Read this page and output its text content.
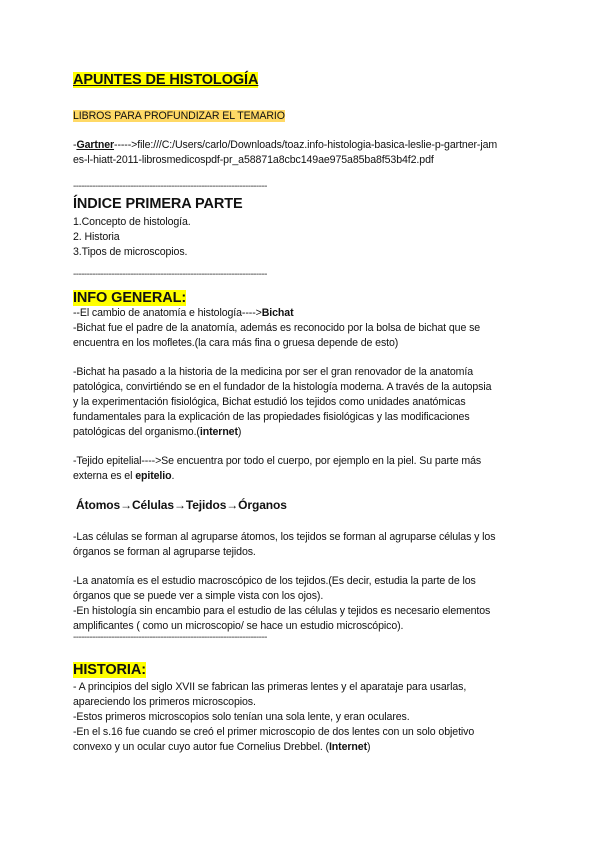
APUNTES DE HISTOLOGÍA
LIBROS PARA PROFUNDIZAR EL TEMARIO
-Gartner----->file:///C:/Users/carlo/Downloads/toaz.info-histologia-basica-leslie-p-gartner-jam
es-l-hiatt-2011-librosmedicospdf-pr_a58871a8cbc149ae975a85ba8f53b4f2.pdf
-----------------------------------------------------------------------
ÍNDICE PRIMERA PARTE
1.Concepto de histología.
2. Historia
3.Tipos de microscopios.
-----------------------------------------------------------------------
INFO GENERAL:
--El cambio de anatomía e histología---->Bichat
-Bichat fue el padre de la anatomía, además es reconocido por la bolsa de bichat que se
encuentra en los mofletes.(la cara más fina o gruesa depende de esto)
-Bichat ha pasado a la historia de la medicina por ser el gran renovador de la anatomía
patológica, convirtiéndo se en el fundador de la histología moderna. A través de la autopsia
y la experimentación fisiológica, Bichat estudió los tejidos como unidades anatómicas
fundamentales para la explicación de las propiedades fisiológicas y las modificaciones
patológicas del organismo.(internet)
-Tejido epitelial---->Se encuentra por todo el cuerpo, por ejemplo en la piel. Su parte más
externa es el epitelio.
Átomos→Células→Tejidos→Órganos
-Las células se forman al agruparse átomos, los tejidos se forman al agruparse células y los
órganos se forman al agruparse tejidos.
-La anatomía es el estudio macroscópico de los tejidos.(Es decir, estudia la parte de los
órganos que se puede ver a simple vista con los ojos).
-En histología sin encambio para el estudio de las células y tejidos es necesario elementos
amplificantes ( como un microscopio/ se hace un estudio microscópico).
-----------------------------------------------------------------------
HISTORIA:
- A principios del siglo XVII se fabrican las primeras lentes y el aparataje para usarlas,
apareciendo los primeros microscopios.
-Estos primeros microscopios solo tenían una sola lente, y eran oculares.
-En el s.16 fue cuando se creó el primer microscopio de dos lentes con un solo objetivo
convexo y un ocular cuyo autor fue Cornelius Drebbel. (Internet)
